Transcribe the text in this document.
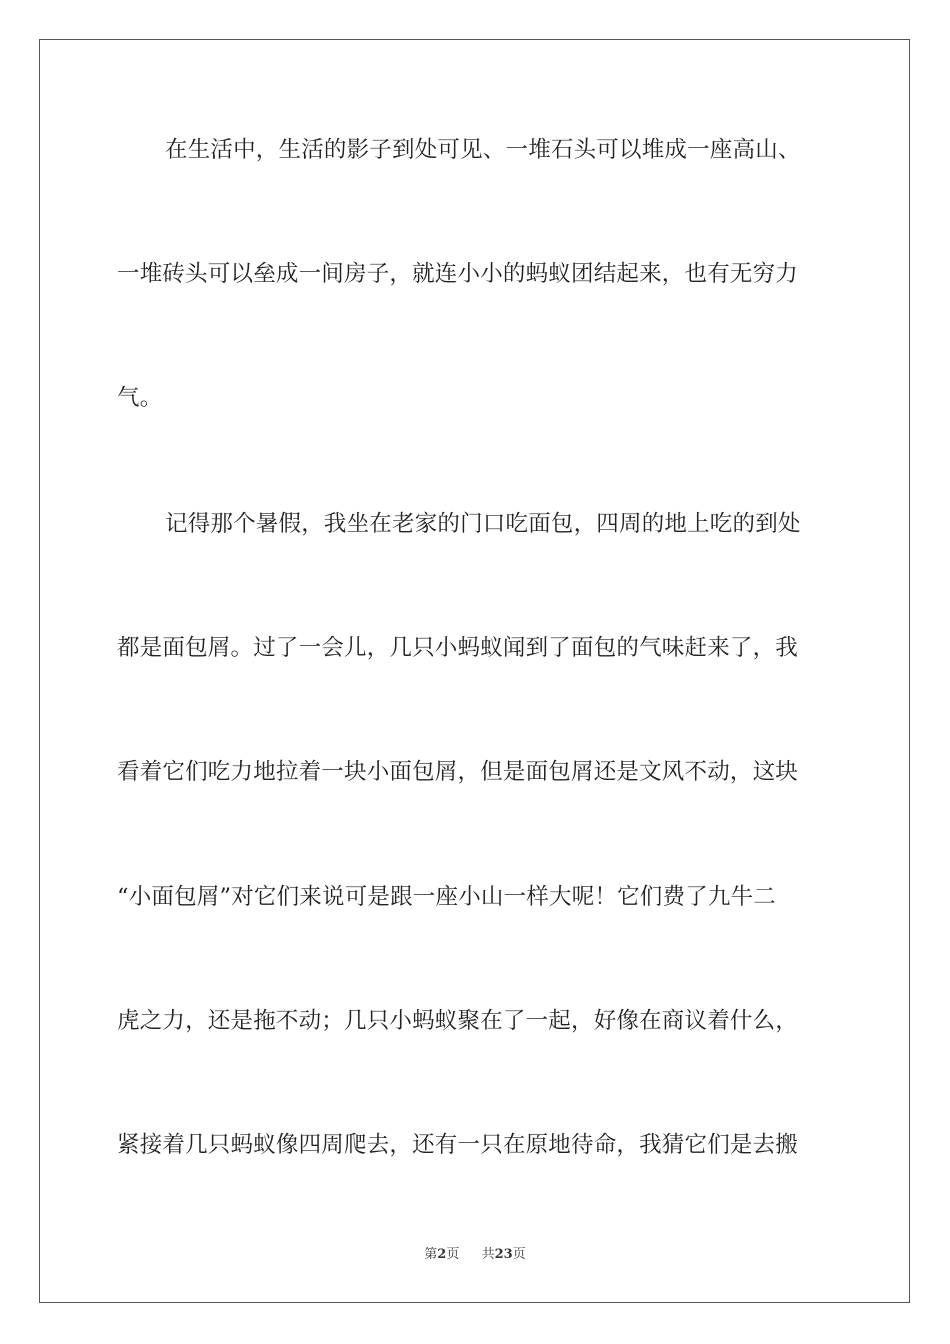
在生活中，生活的影子到处可见、一堆石头可以堆成一座高山、
一堆砖头可以垒成一间房子，就连小小的蚂蚁团结起来，也有无穷力
气。
记得那个暑假，我坐在老家的门口吃面包，四周的地上吃的到处
都是面包屑。过了一会儿，几只小蚂蚁闻到了面包的气味赶来了，我
看着它们吃力地拉着一块小面包屑，但是面包屑还是文风不动，这块
“小面包屑”对它们来说可是跟一座小山一样大呢！它们费了九牛二
虎之力，还是拖不动；几只小蚂蚁聚在了一起，好像在商议着什么，
紧接着几只蚂蚁像四周爬去，还有一只在原地待命，我猜它们是去搬
第2页 共23页
